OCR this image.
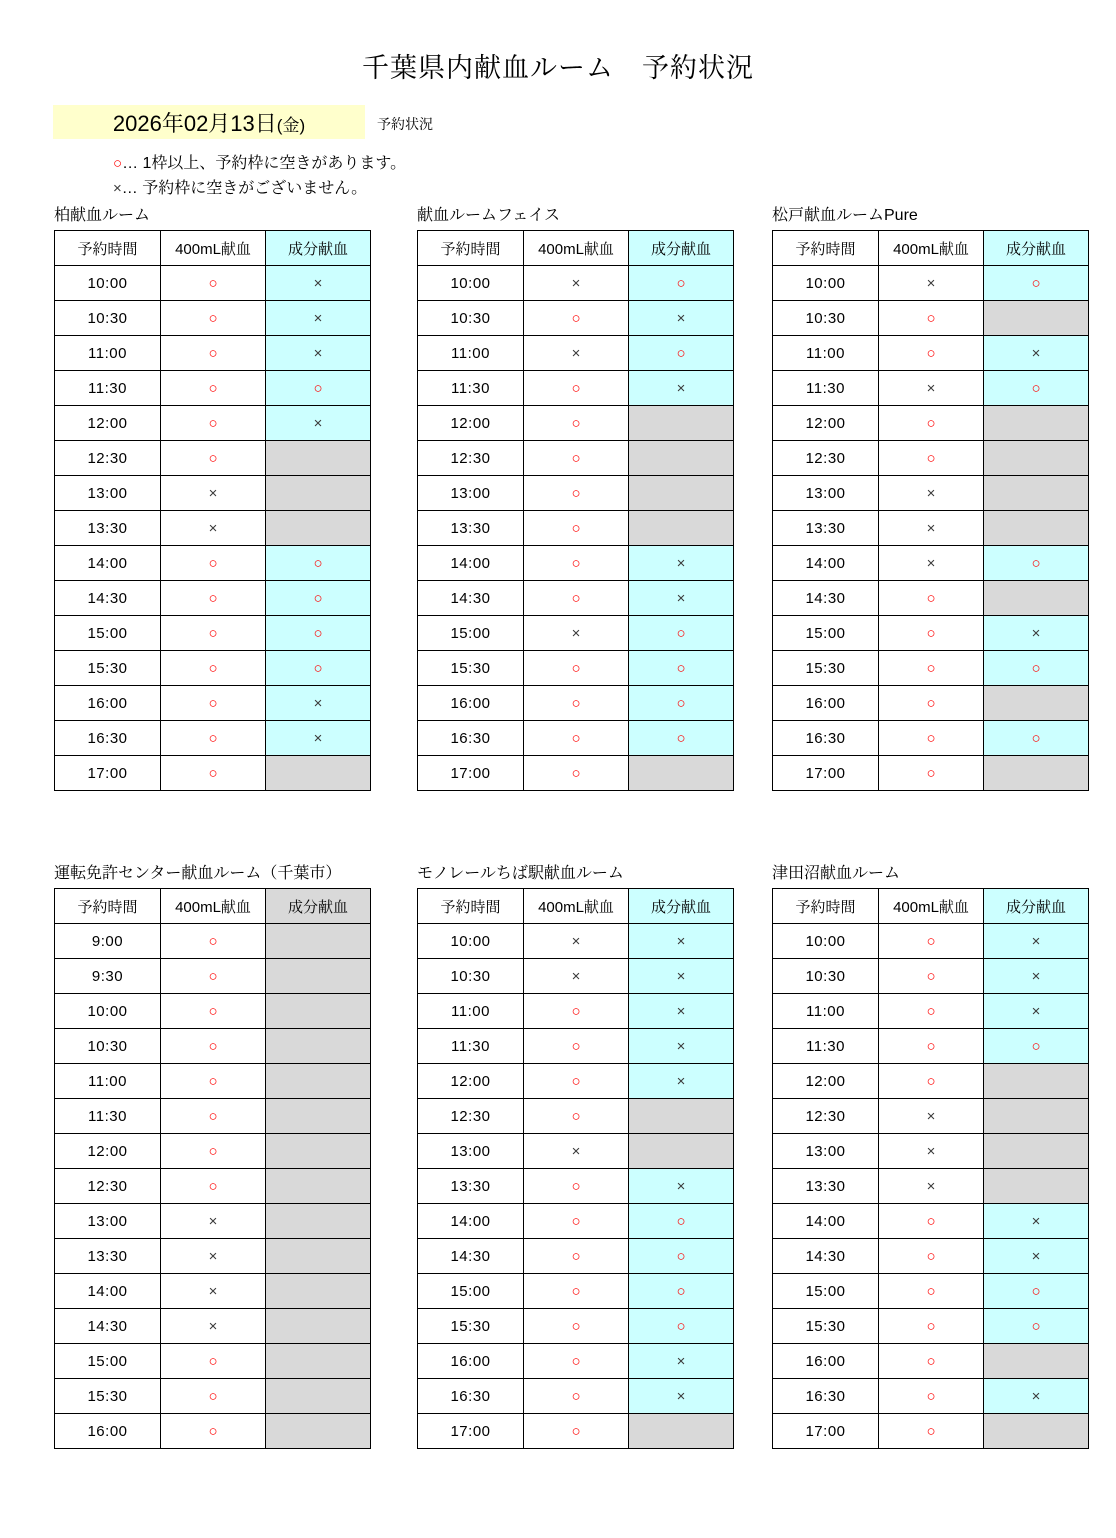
千葉県内献血ルーム　予約状況
2026年02月13日(金)	予約状況
○… 1枠以上、予約枠に空きがあります。
×… 予約枠に空きがございません。
柏献血ルーム
予約時間	400mL献血	成分献血
10:00	○	×
10:30	○	×
11:00	○	×
11:30	○	○
12:00	○	×
12:30	○	
13:00	×	
13:30	×	
14:00	○	○
14:30	○	○
15:00	○	○
15:30	○	○
16:00	○	×
16:30	○	×
17:00	○	
献血ルームフェイス
予約時間	400mL献血	成分献血
10:00	×	○
10:30	○	×
11:00	×	○
11:30	○	×
12:00	○	
12:30	○	
13:00	○	
13:30	○	
14:00	○	×
14:30	○	×
15:00	×	○
15:30	○	○
16:00	○	○
16:30	○	○
17:00	○	
松戸献血ルームPure
予約時間	400mL献血	成分献血
10:00	×	○
10:30	○	
11:00	○	×
11:30	×	○
12:00	○	
12:30	○	
13:00	×	
13:30	×	
14:00	×	○
14:30	○	
15:00	○	×
15:30	○	○
16:00	○	
16:30	○	○
17:00	○	
運転免許センター献血ルーム（千葉市）
予約時間	400mL献血	成分献血
9:00	○	
9:30	○	
10:00	○	
10:30	○	
11:00	○	
11:30	○	
12:00	○	
12:30	○	
13:00	×	
13:30	×	
14:00	×	
14:30	×	
15:00	○	
15:30	○	
16:00	○	
モノレールちば駅献血ルーム
予約時間	400mL献血	成分献血
10:00	×	×
10:30	×	×
11:00	○	×
11:30	○	×
12:00	○	×
12:30	○	
13:00	×	
13:30	○	×
14:00	○	○
14:30	○	○
15:00	○	○
15:30	○	○
16:00	○	×
16:30	○	×
17:00	○	
津田沼献血ルーム
予約時間	400mL献血	成分献血
10:00	○	×
10:30	○	×
11:00	○	×
11:30	○	○
12:00	○	
12:30	×	
13:00	×	
13:30	×	
14:00	○	×
14:30	○	×
15:00	○	○
15:30	○	○
16:00	○	
16:30	○	×
17:00	○	
